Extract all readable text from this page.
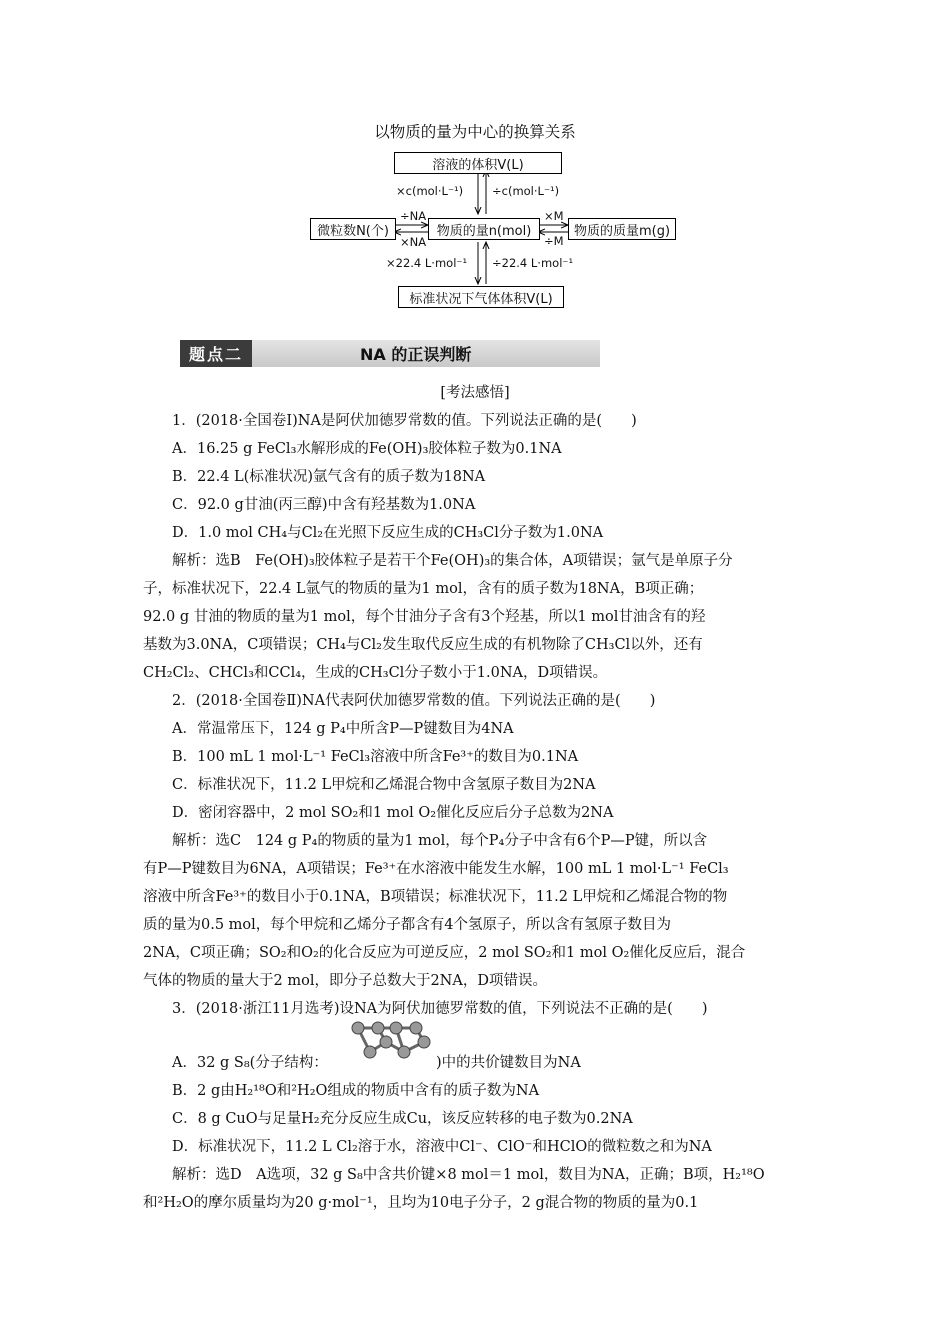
以物质的量为中心的换算关系
溶液的体积V(L)
微粒数N(个)	物质的量n(mol)	物质的质量m(g)
标准状况下气体体积V(L)
×c(mol·L⁻¹)	÷c(mol·L⁻¹)
÷NA
×NA
×M
÷M
×22.4 L·mol⁻¹ ÷22.4 L·mol⁻¹
题点二	NA 的正误判断
[考法感悟]
1．(2018·全国卷Ⅰ)NA是阿伏加德罗常数的值。下列说法正确的是(　　)
A．16.25 g FeCl₃水解形成的Fe(OH)₃胶体粒子数为0.1NA
B．22.4 L(标准状况)氩气含有的质子数为18NA
C．92.0 g甘油(丙三醇)中含有羟基数为1.0NA
D．1.0 mol CH₄与Cl₂在光照下反应生成的CH₃Cl分子数为1.0NA
解析：选B　Fe(OH)₃胶体粒子是若干个Fe(OH)₃的集合体，A项错误；氩气是单原子分
子，标准状况下，22.4 L氩气的物质的量为1 mol，含有的质子数为18NA，B项正确；
92.0 g 甘油的物质的量为1 mol，每个甘油分子含有3个羟基，所以1 mol甘油含有的羟
基数为3.0NA，C项错误；CH₄与Cl₂发生取代反应生成的有机物除了CH₃Cl以外，还有
CH₂Cl₂、CHCl₃和CCl₄，生成的CH₃Cl分子数小于1.0NA，D项错误。
2．(2018·全国卷Ⅱ)NA代表阿伏加德罗常数的值。下列说法正确的是(　　)
A．常温常压下，124 g P₄中所含P—P键数目为4NA
B．100 mL 1 mol·L⁻¹ FeCl₃溶液中所含Fe³⁺的数目为0.1NA
C．标准状况下，11.2 L甲烷和乙烯混合物中含氢原子数目为2NA
D．密闭容器中，2 mol SO₂和1 mol O₂催化反应后分子总数为2NA
解析：选C　124 g P₄的物质的量为1 mol，每个P₄分子中含有6个P—P键，所以含
有P—P键数目为6NA，A项错误；Fe³⁺在水溶液中能发生水解，100 mL 1 mol·L⁻¹ FeCl₃
溶液中所含Fe³⁺的数目小于0.1NA，B项错误；标准状况下，11.2 L甲烷和乙烯混合物的物
质的量为0.5 mol，每个甲烷和乙烯分子都含有4个氢原子，所以含有氢原子数目为
2NA，C项正确；SO₂和O₂的化合反应为可逆反应，2 mol SO₂和1 mol O₂催化反应后，混合
气体的物质的量大于2 mol，即分子总数大于2NA，D项错误。
3．(2018·浙江11月选考)设NA为阿伏加德罗常数的值，下列说法不正确的是(　　)
A．32 g S₈(分子结构：	)中的共价键数目为NA
B．2 g由H₂¹⁸O和²H₂O组成的物质中含有的质子数为NA
C．8 g CuO与足量H₂充分反应生成Cu，该反应转移的电子数为0.2NA
D．标准状况下，11.2 L Cl₂溶于水，溶液中Cl⁻、ClO⁻和HClO的微粒数之和为NA
解析：选D　A选项，32 g S₈中含共价键×8 mol＝1 mol，数目为NA，正确；B项，H₂¹⁸O
和²H₂O的摩尔质量均为20 g·mol⁻¹，且均为10电子分子，2 g混合物的物质的量为0.1
